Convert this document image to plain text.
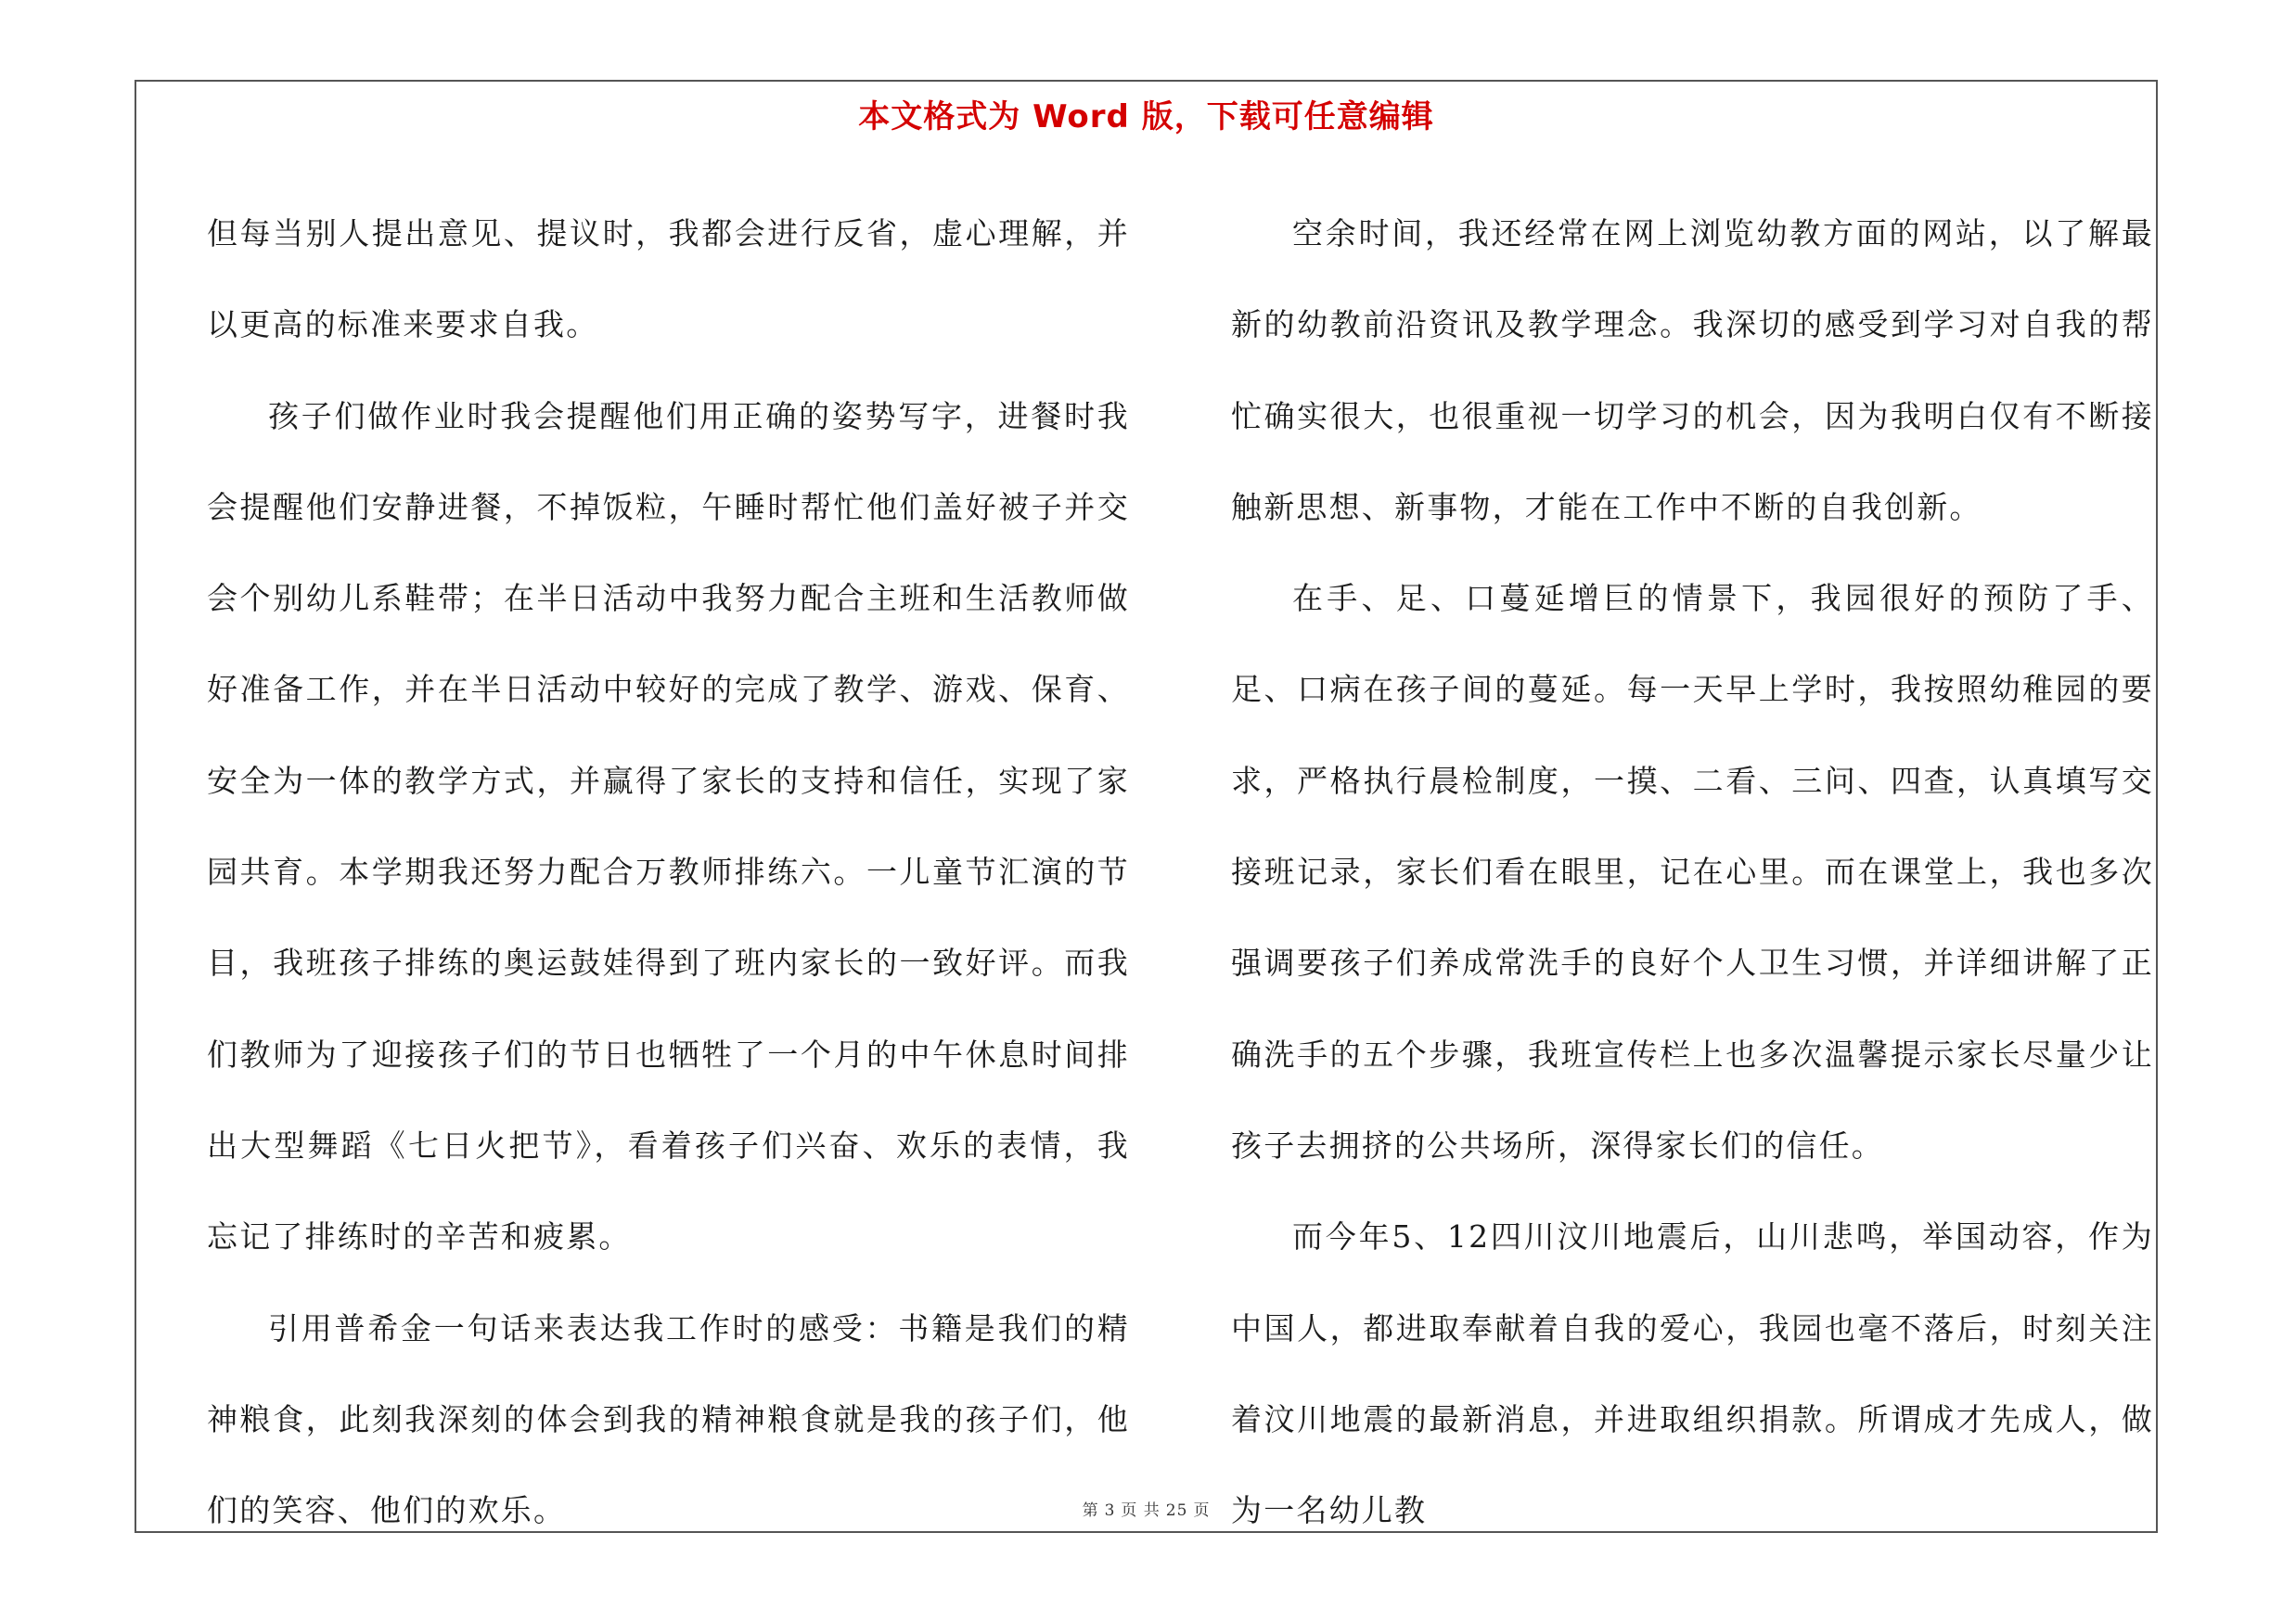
本文格式为 Word 版，下载可任意编辑

但每当别人提出意见、提议时，我都会进行反省，虚心理解，并以更高的标准来要求自我。

孩子们做作业时我会提醒他们用正确的姿势写字，进餐时我会提醒他们安静进餐，不掉饭粒，午睡时帮忙他们盖好被子并交会个别幼儿系鞋带；在半日活动中我努力配合主班和生活教师做好准备工作，并在半日活动中较好的完成了教学、游戏、保育、安全为一体的教学方式，并赢得了家长的支持和信任，实现了家园共育。本学期我还努力配合万教师排练六。一儿童节汇演的节目，我班孩子排练的奥运鼓娃得到了班内家长的一致好评。而我们教师为了迎接孩子们的节日也牺牲了一个月的中午休息时间排出大型舞蹈《七日火把节》，看着孩子们兴奋、欢乐的表情，我忘记了排练时的辛苦和疲累。

引用普希金一句话来表达我工作时的感受：书籍是我们的精神粮食，此刻我深刻的体会到我的精神粮食就是我的孩子们，他们的笑容、他们的欢乐。

空余时间，我还经常在网上浏览幼教方面的网站，以了解最新的幼教前沿资讯及教学理念。我深切的感受到学习对自我的帮忙确实很大，也很重视一切学习的机会，因为我明白仅有不断接触新思想、新事物，才能在工作中不断的自我创新。

在手、足、口蔓延增巨的情景下，我园很好的预防了手、足、口病在孩子间的蔓延。每一天早上学时，我按照幼稚园的要求，严格执行晨检制度，一摸、二看、三问、四查，认真填写交接班记录，家长们看在眼里，记在心里。而在课堂上，我也多次强调要孩子们养成常洗手的良好个人卫生习惯，并详细讲解了正确洗手的五个步骤，我班宣传栏上也多次温馨提示家长尽量少让孩子去拥挤的公共场所，深得家长们的信任。

而今年5、12四川汶川地震后，山川悲鸣，举国动容，作为中国人，都进取奉献着自我的爱心，我园也毫不落后，时刻关注着汶川地震的最新消息，并进取组织捐款。所谓成才先成人，做为一名幼儿教

第 3 页 共 25 页
